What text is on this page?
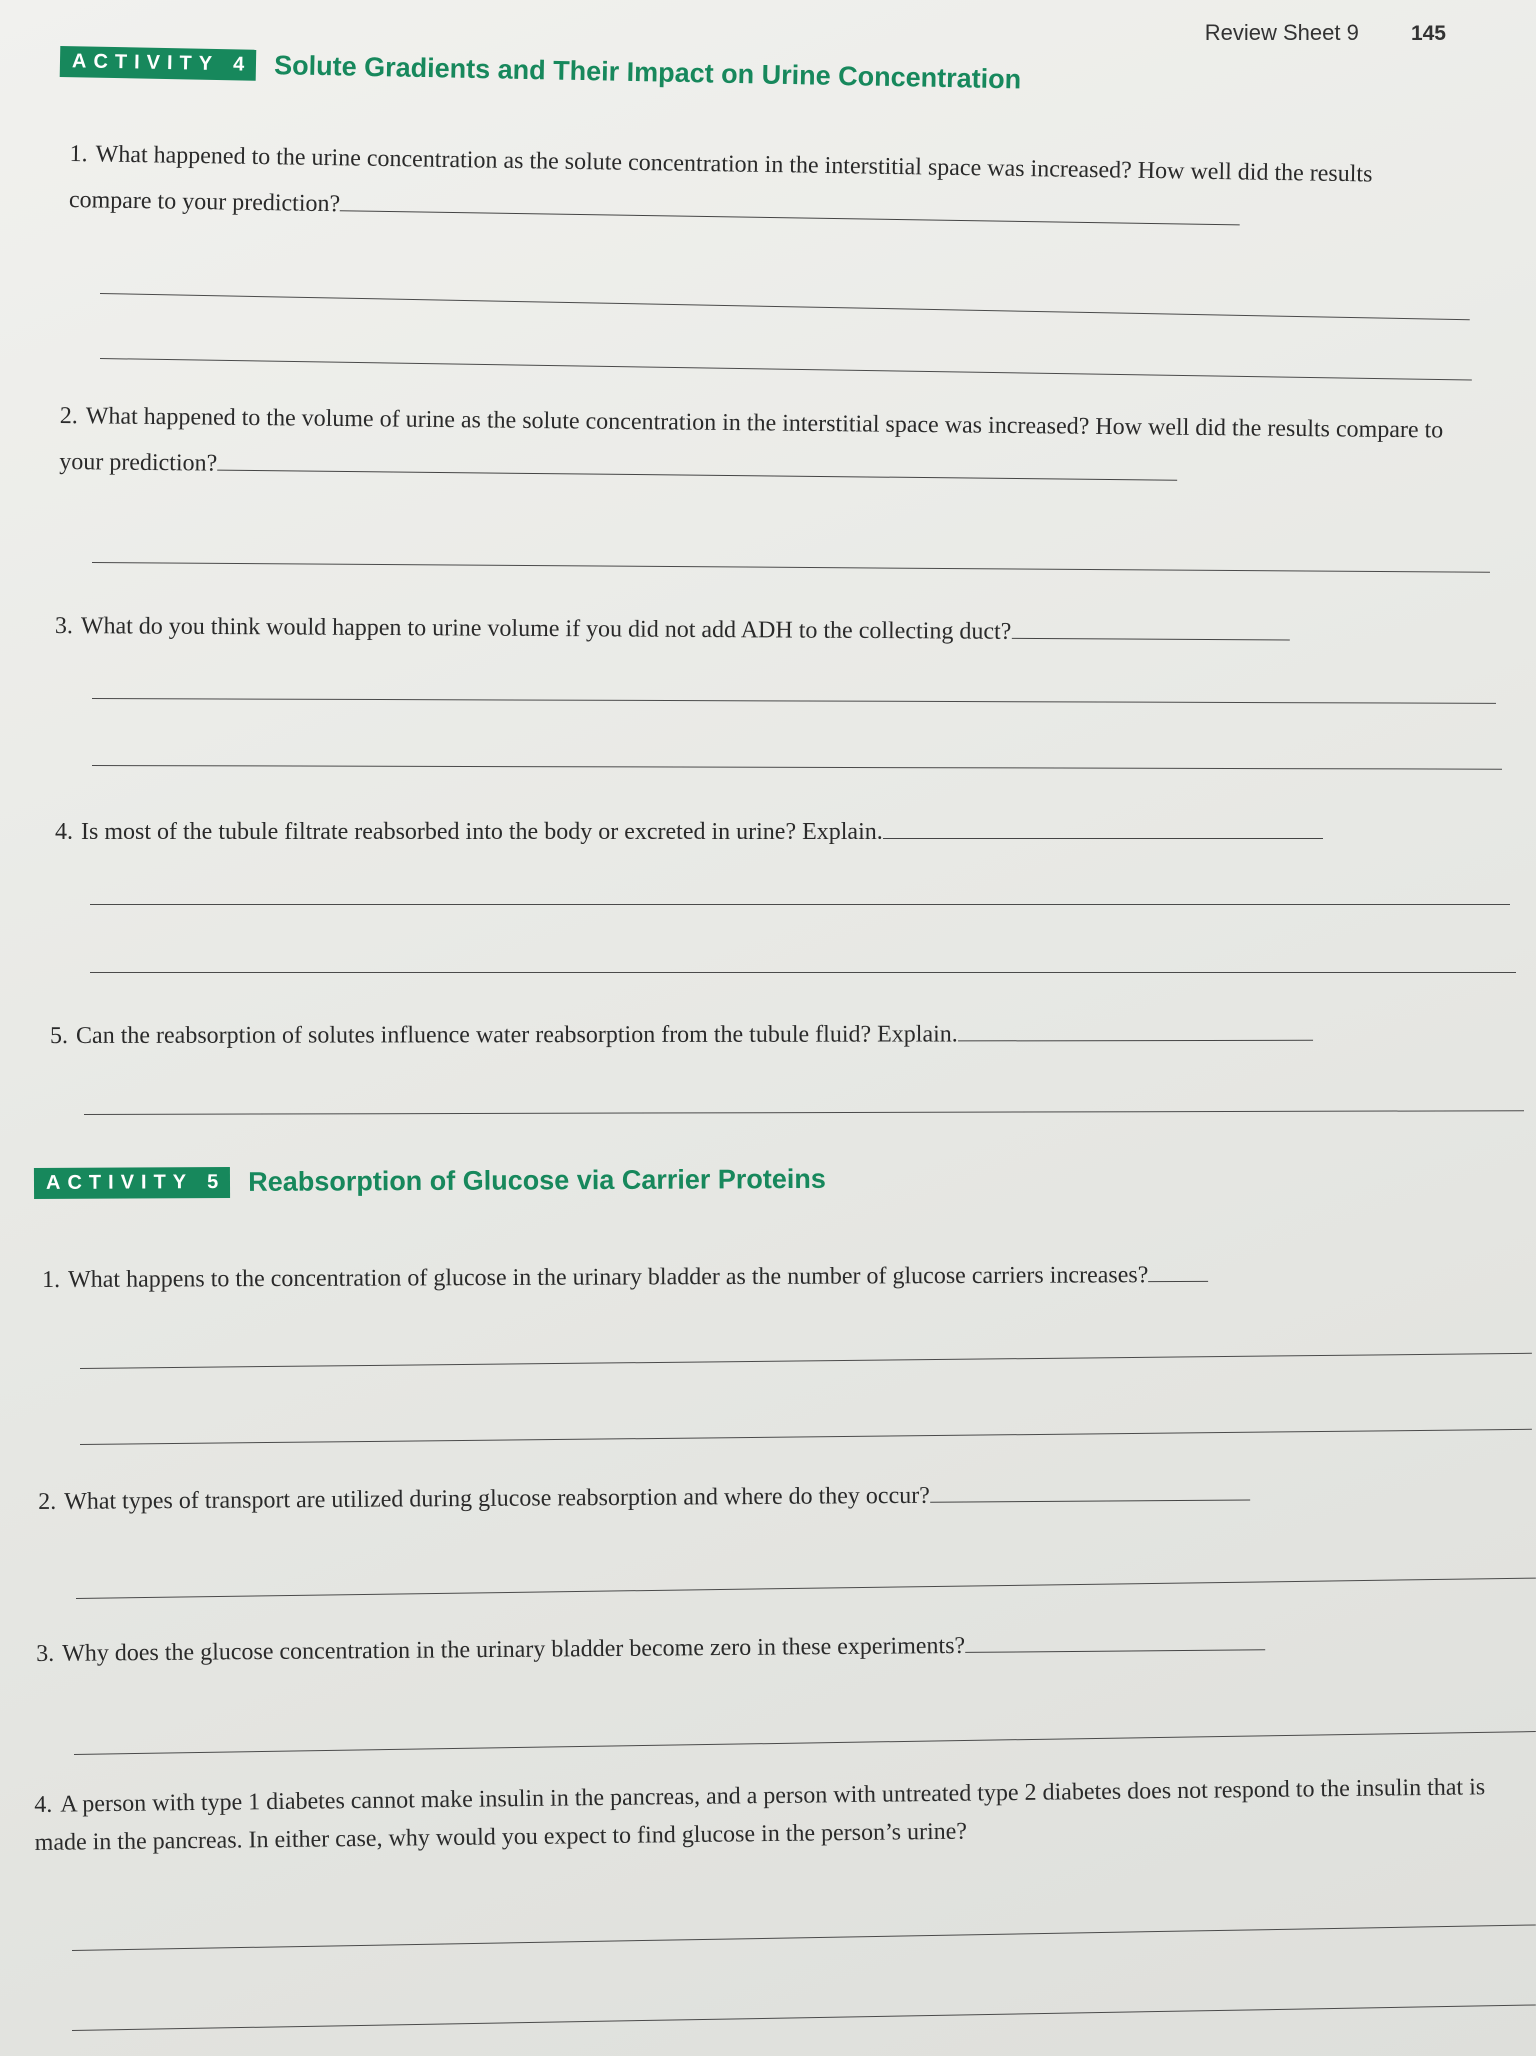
Review Sheet 9 145
ACTIVITY 4 Solute Gradients and Their Impact on Urine Concentration
1. What happened to the urine concentration as the solute concentration in the interstitial space was increased? How well did the results compare to your prediction?
2. What happened to the volume of urine as the solute concentration in the interstitial space was increased? How well did the results compare to your prediction?
3. What do you think would happen to urine volume if you did not add ADH to the collecting duct?
4. Is most of the tubule filtrate reabsorbed into the body or excreted in urine? Explain.
5. Can the reabsorption of solutes influence water reabsorption from the tubule fluid? Explain.
ACTIVITY 5 Reabsorption of Glucose via Carrier Proteins
1. What happens to the concentration of glucose in the urinary bladder as the number of glucose carriers increases?
2. What types of transport are utilized during glucose reabsorption and where do they occur?
3. Why does the glucose concentration in the urinary bladder become zero in these experiments?
4. A person with type 1 diabetes cannot make insulin in the pancreas, and a person with untreated type 2 diabetes does not respond to the insulin that is made in the pancreas. In either case, why would you expect to find glucose in the person’s urine?
